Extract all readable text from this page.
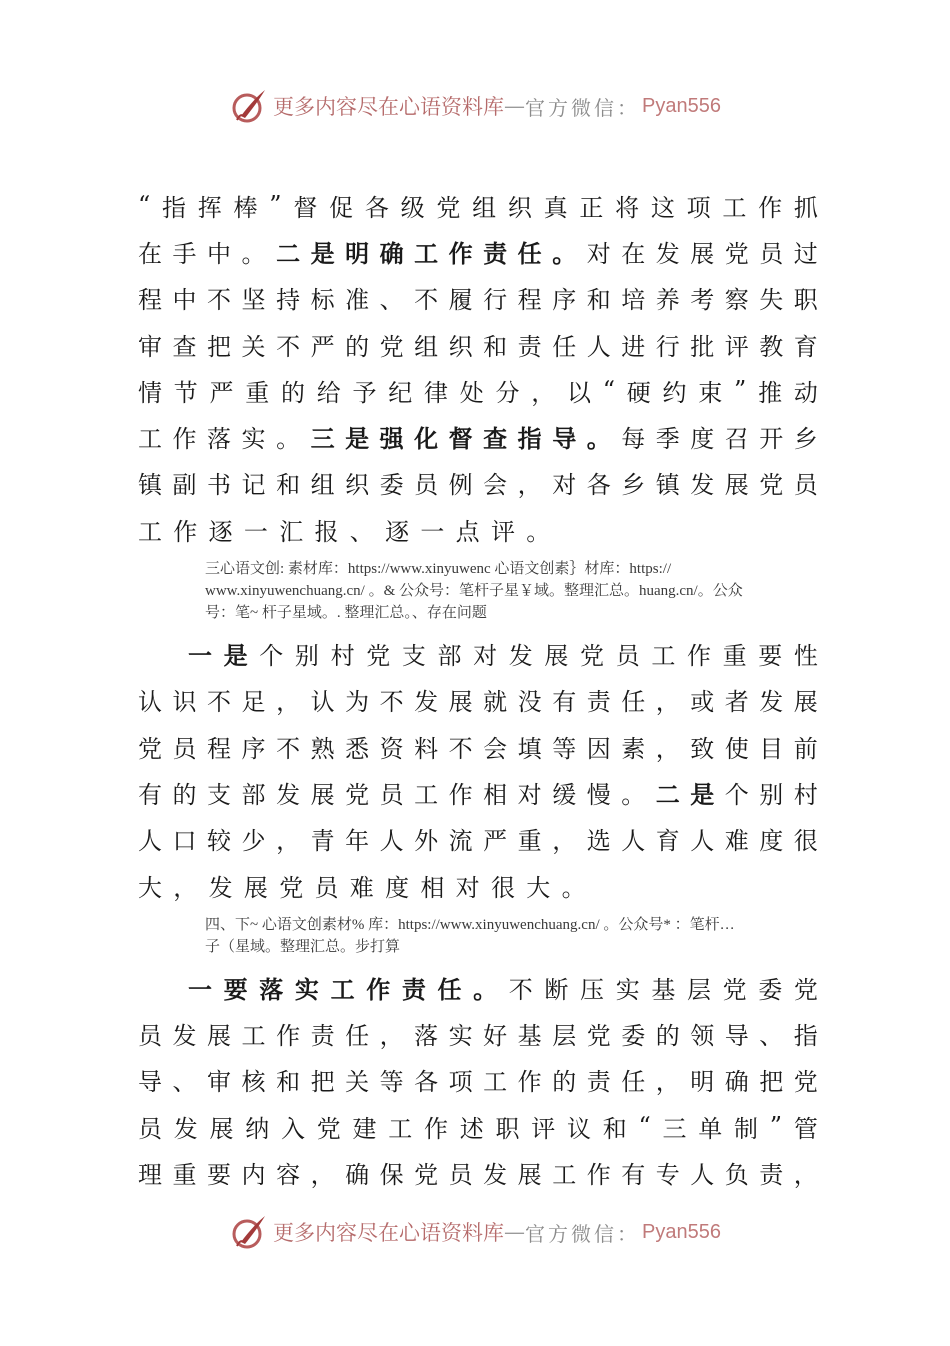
更多内容尽在心语资料库 — 官方微信： Pyan556
“ 指 挥 棒 ” 督 促 各 级 党 组 织 真 正 将 这 项 工 作 抓
在 手 中 。 二 是 明 确 工 作 责 任 。 对 在 发 展 党 员 过
程 中 不 坚 持 标 准 、 不 履 行 程 序 和 培 养 考 察 失 职
审 查 把 关 不 严 的 党 组 织 和 责 任 人 进 行 批 评 教 育
情 节 严 重 的 给 予 纪 律 处 分 ， 以 “ 硬 约 束 ” 推 动
工 作 落 实 。 三 是 强 化 督 查 指 导 。 每 季 度 召 开 乡
镇 副 书 记 和 组 织 委 员 例 会 ， 对 各 乡 镇 发 展 党 员
工 作 逐 一 汇 报 、 逐 一 点 评 。
三心语文创: 素材库：https://www.xinyuwenc 心语文创素｝材库：https://
www.xinyuwenchuang.cn/ 。& 公众号：笔杆子星￥域。整理汇总。huang.cn/。公众
号：笔~ 杆子星域。. 整理汇总。、存在问题
一 是 个 别 村 党 支 部 对 发 展 党 员 工 作 重 要 性
认 识 不 足 ， 认 为 不 发 展 就 没 有 责 任 ， 或 者 发 展
党 员 程 序 不 熟 悉 资 料 不 会 填 等 因 素 ， 致 使 目 前
有 的 支 部 发 展 党 员 工 作 相 对 缓 慢 。 二 是 个 别 村
人 口 较 少 ， 青 年 人 外 流 严 重 ， 选 人 育 人 难 度 很
大 ， 发 展 党 员 难 度 相 对 很 大 。
四、下~ 心语文创素材% 库：https://www.xinyuwenchuang.cn/ 。公众号* ：笔杆…
子（星域。整理汇总。步打算
一 要 落 实 工 作 责 任 。 不 断 压 实 基 层 党 委 党
员 发 展 工 作 责 任 ， 落 实 好 基 层 党 委 的 领 导 、 指
导 、 审 核 和 把 关 等 各 项 工 作 的 责 任 ， 明 确 把 党
员 发 展 纳 入 党 建 工 作 述 职 评 议 和 “ 三 单 制 ” 管
理 重 要 内 容 ， 确 保 党 员 发 展 工 作 有 专 人 负 责 ，
更多内容尽在心语资料库 — 官方微信： Pyan556
